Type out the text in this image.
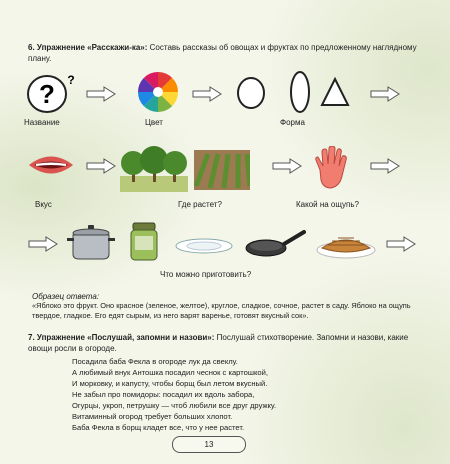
6. Упражнение «Расскажи-ка»: Составь рассказы об овощах и фруктах по предложенному наглядному плану.
? ?
Название	Цвет	Форма
Вкус	Где растет?	Какой на ощупь?
Что можно приготовить?
Образец ответа:
«Яблоко это фрукт. Оно красное (зеленое, желтое), круглое, сладкое, сочное, растет в саду. Яблоко на ощупь твердое, гладкое. Его едят сырым, из него варят варенье, готовят вкусный сок».
7. Упражнение «Послушай, запомни и назови»: Послушай стихотворение. Запомни и назови, какие овощи росли в огороде.
Посадила баба Фекла в огороде лук да свеклу.
А любимый внук Антошка посадил чеснок с картошкой,
И морковку, и капусту, чтобы борщ был летом вкусный.
Не забыл про помидоры: посадил их вдоль забора,
Огурцы, укроп, петрушку — чтоб любили все друг дружку.
Витаминный огород требует больших хлопот.
Баба Фекла в борщ кладет все, что у нее растет.
13
